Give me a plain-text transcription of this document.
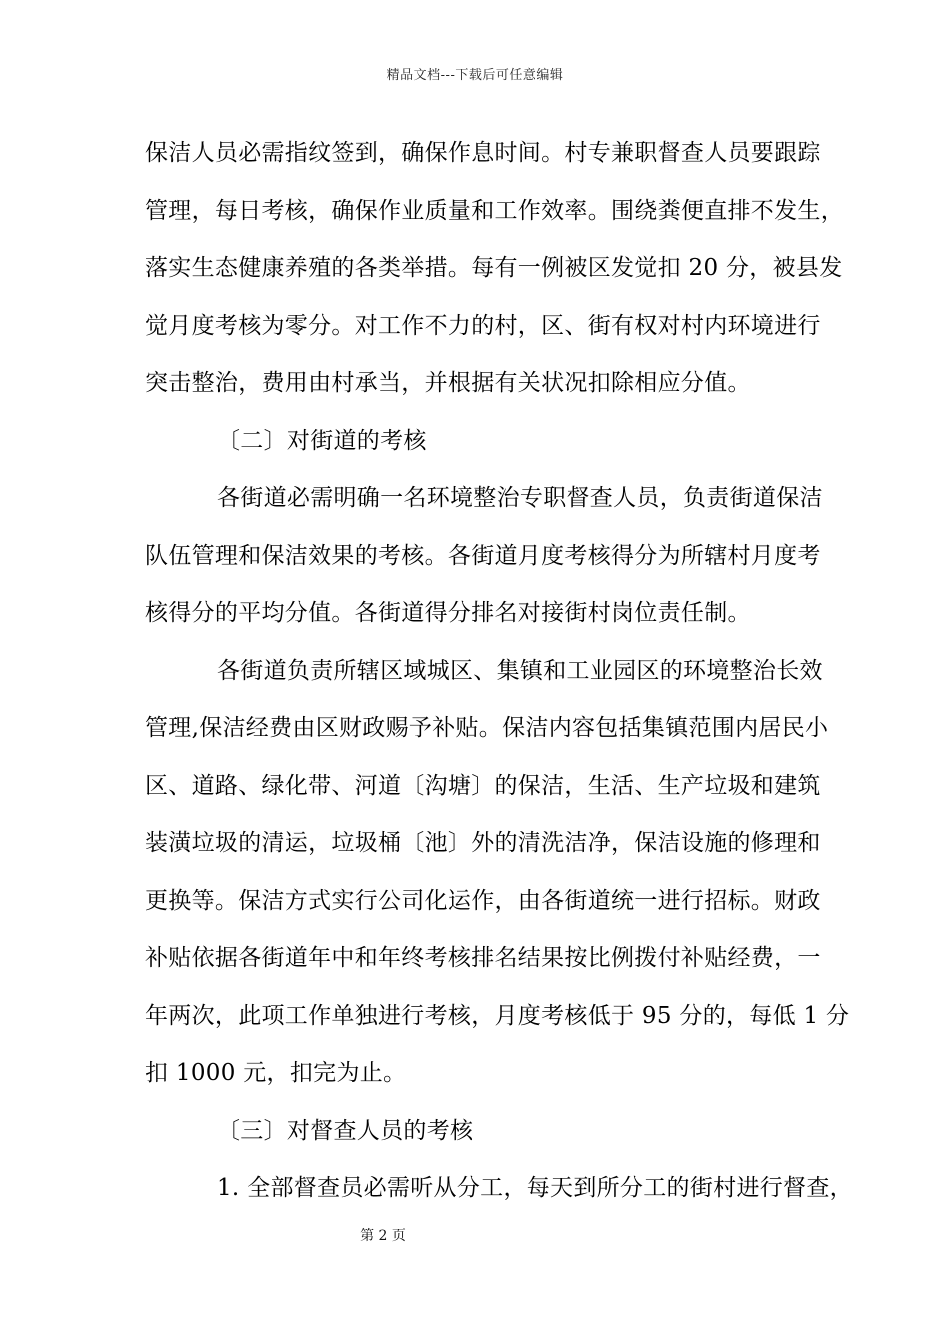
精品文档---下载后可任意编辑
保洁人员必需指纹签到，确保作息时间。村专兼职督查人员要跟踪
管理，每日考核，确保作业质量和工作效率。围绕粪便直排不发生，
落实生态健康养殖的各类举措。每有一例被区发觉扣 20 分，被县发
觉月度考核为零分。对工作不力的村，区、街有权对村内环境进行
突击整治，费用由村承当，并根据有关状况扣除相应分值。
〔二〕对街道的考核
各街道必需明确一名环境整治专职督查人员，负责街道保洁
队伍管理和保洁效果的考核。各街道月度考核得分为所辖村月度考
核得分的平均分值。各街道得分排名对接街村岗位责任制。
各街道负责所辖区域城区、集镇和工业园区的环境整治长效
管理,保洁经费由区财政赐予补贴。保洁内容包括集镇范围内居民小
区、道路、绿化带、河道〔沟塘〕的保洁，生活、生产垃圾和建筑
装潢垃圾的清运，垃圾桶〔池〕外的清洗洁净，保洁设施的修理和
更换等。保洁方式实行公司化运作，由各街道统一进行招标。财政
补贴依据各街道年中和年终考核排名结果按比例拨付补贴经费，一
年两次，此项工作单独进行考核，月度考核低于 95 分的，每低 1 分
扣 1000 元，扣完为止。
〔三〕对督查人员的考核
1. 全部督查员必需听从分工，每天到所分工的街村进行督查，
第 2 页
